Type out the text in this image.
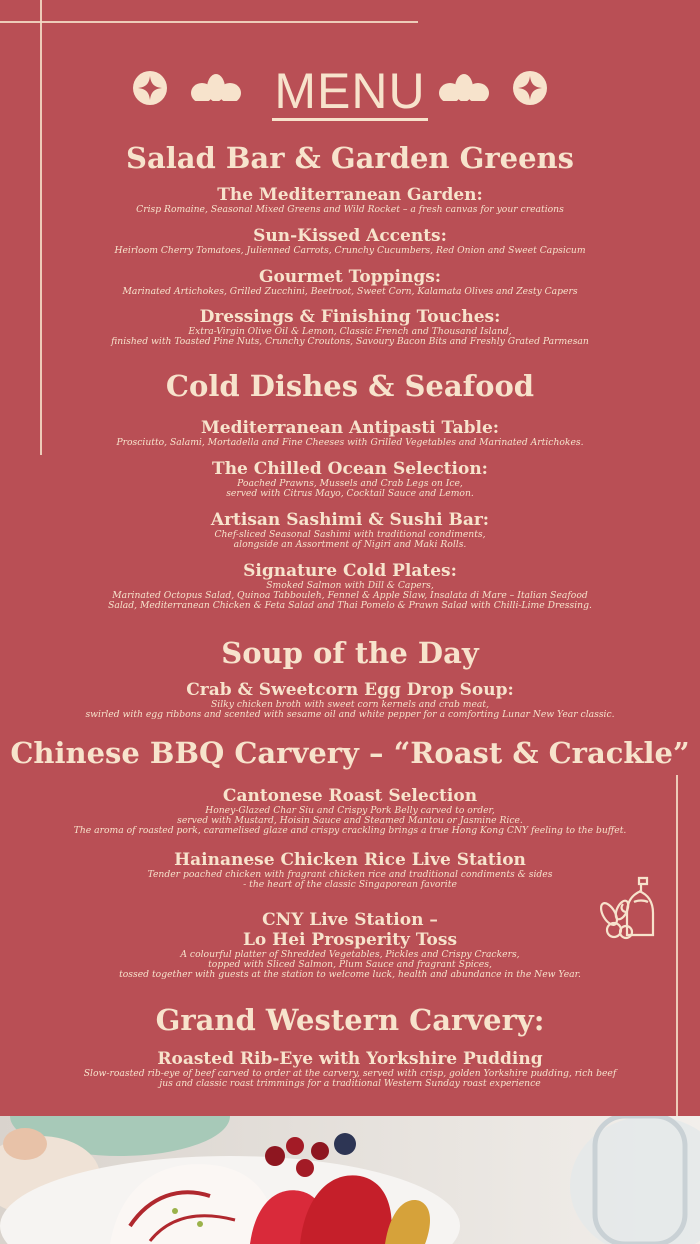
MENU
Salad Bar & Garden Greens
The Mediterranean Garden:
Crisp Romaine, Seasonal Mixed Greens and Wild Rocket – a fresh canvas for your creations
Sun-Kissed Accents:
Heirloom Cherry Tomatoes, Julienned Carrots, Crunchy Cucumbers, Red Onion and Sweet Capsicum
Gourmet Toppings:
Marinated Artichokes, Grilled Zucchini, Beetroot, Sweet Corn, Kalamata Olives and Zesty Capers
Dressings & Finishing Touches:
Extra-Virgin Olive Oil & Lemon, Classic French and Thousand Island,
finished with Toasted Pine Nuts, Crunchy Croutons, Savoury Bacon Bits and Freshly Grated Parmesan
Cold Dishes & Seafood
Mediterranean Antipasti Table:
Prosciutto, Salami, Mortadella and Fine Cheeses with Grilled Vegetables and Marinated Artichokes.
The Chilled Ocean Selection:
Poached Prawns, Mussels and Crab Legs on Ice,
served with Citrus Mayo, Cocktail Sauce and Lemon.
Artisan Sashimi & Sushi Bar:
Chef-sliced Seasonal Sashimi with traditional condiments,
alongside an Assortment of Nigiri and Maki Rolls.
Signature Cold Plates:
Smoked Salmon with Dill & Capers,
Marinated Octopus Salad, Quinoa Tabbouleh, Fennel & Apple Slaw, Insalata di Mare – Italian Seafood
Salad, Mediterranean Chicken & Feta Salad and Thai Pomelo & Prawn Salad with Chilli-Lime Dressing.
Soup of the Day
Crab & Sweetcorn Egg Drop Soup:
Silky chicken broth with sweet corn kernels and crab meat,
swirled with egg ribbons and scented with sesame oil and white pepper for a comforting Lunar New Year classic.
Chinese BBQ Carvery – “Roast & Crackle”
Cantonese Roast Selection
Honey-Glazed Char Siu and Crispy Pork Belly carved to order,
served with Mustard, Hoisin Sauce and Steamed Mantou or Jasmine Rice.
The aroma of roasted pork, caramelised glaze and crispy crackling brings a true Hong Kong CNY feeling to the buffet.
Hainanese Chicken Rice Live Station
Tender poached chicken with fragrant chicken rice and traditional condiments & sides
- the heart of the classic Singaporean favorite
CNY Live Station –
Lo Hei Prosperity Toss
A colourful platter of Shredded Vegetables, Pickles and Crispy Crackers,
topped with Sliced Salmon, Plum Sauce and fragrant Spices,
tossed together with guests at the station to welcome luck, health and abundance in the New Year.
Grand Western Carvery:
Roasted Rib-Eye with Yorkshire Pudding
Slow-roasted rib-eye of beef carved to order at the carvery, served with crisp, golden Yorkshire pudding, rich beef
jus and classic roast trimmings for a traditional Western Sunday roast experience
